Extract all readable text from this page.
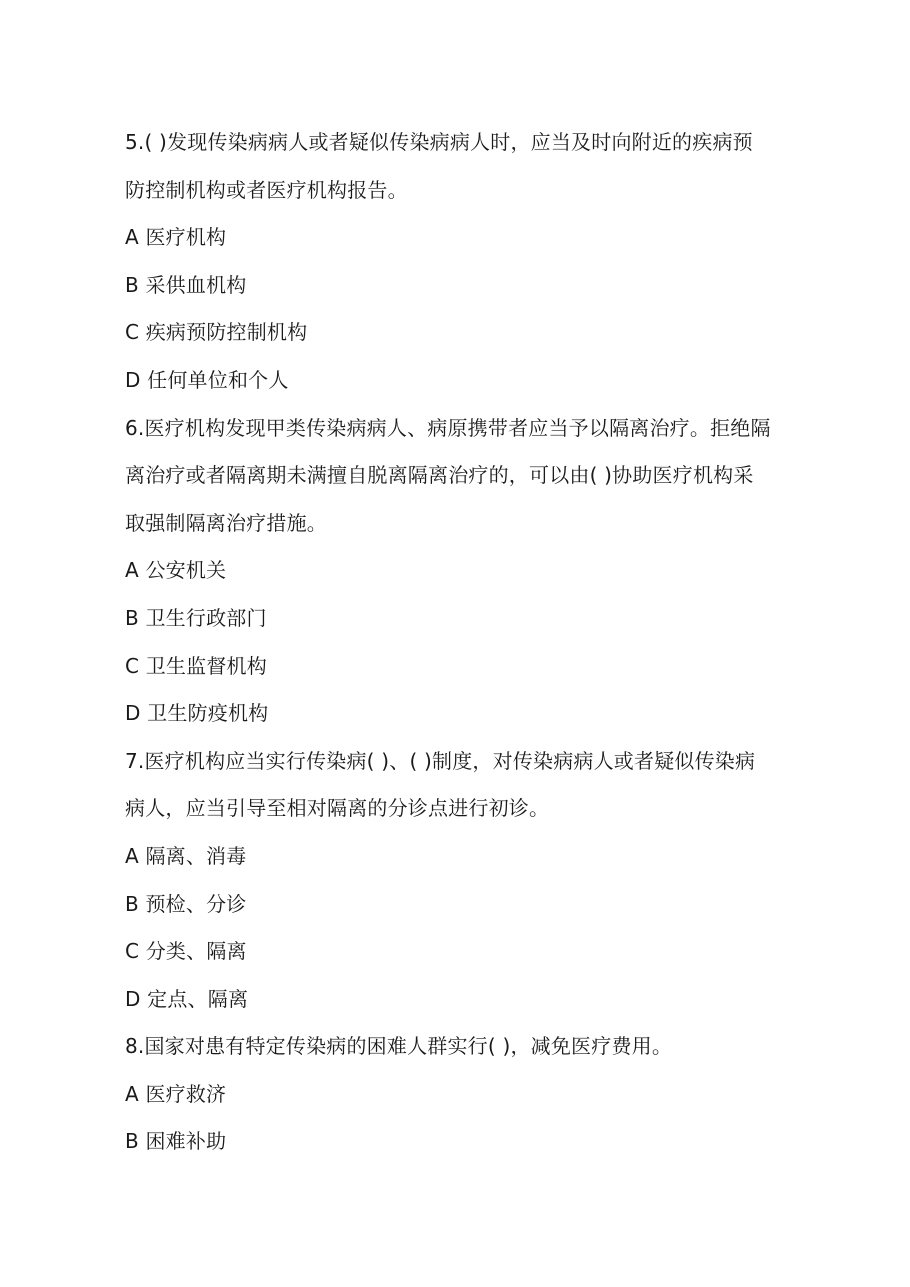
5.( )发现传染病病人或者疑似传染病病人时，应当及时向附近的疾病预
防控制机构或者医疗机构报告。
A 医疗机构
B 采供血机构
C 疾病预防控制机构
D 任何单位和个人
6.医疗机构发现甲类传染病病人、病原携带者应当予以隔离治疗。拒绝隔
离治疗或者隔离期未满擅自脱离隔离治疗的，可以由( )协助医疗机构采
取强制隔离治疗措施。
A 公安机关
B 卫生行政部门
C 卫生监督机构
D 卫生防疫机构
7.医疗机构应当实行传染病( )、( )制度，对传染病病人或者疑似传染病
病人，应当引导至相对隔离的分诊点进行初诊。
A 隔离、消毒
B 预检、分诊
C 分类、隔离
D 定点、隔离
8.国家对患有特定传染病的困难人群实行( )，减免医疗费用。
A 医疗救济
B 困难补助
